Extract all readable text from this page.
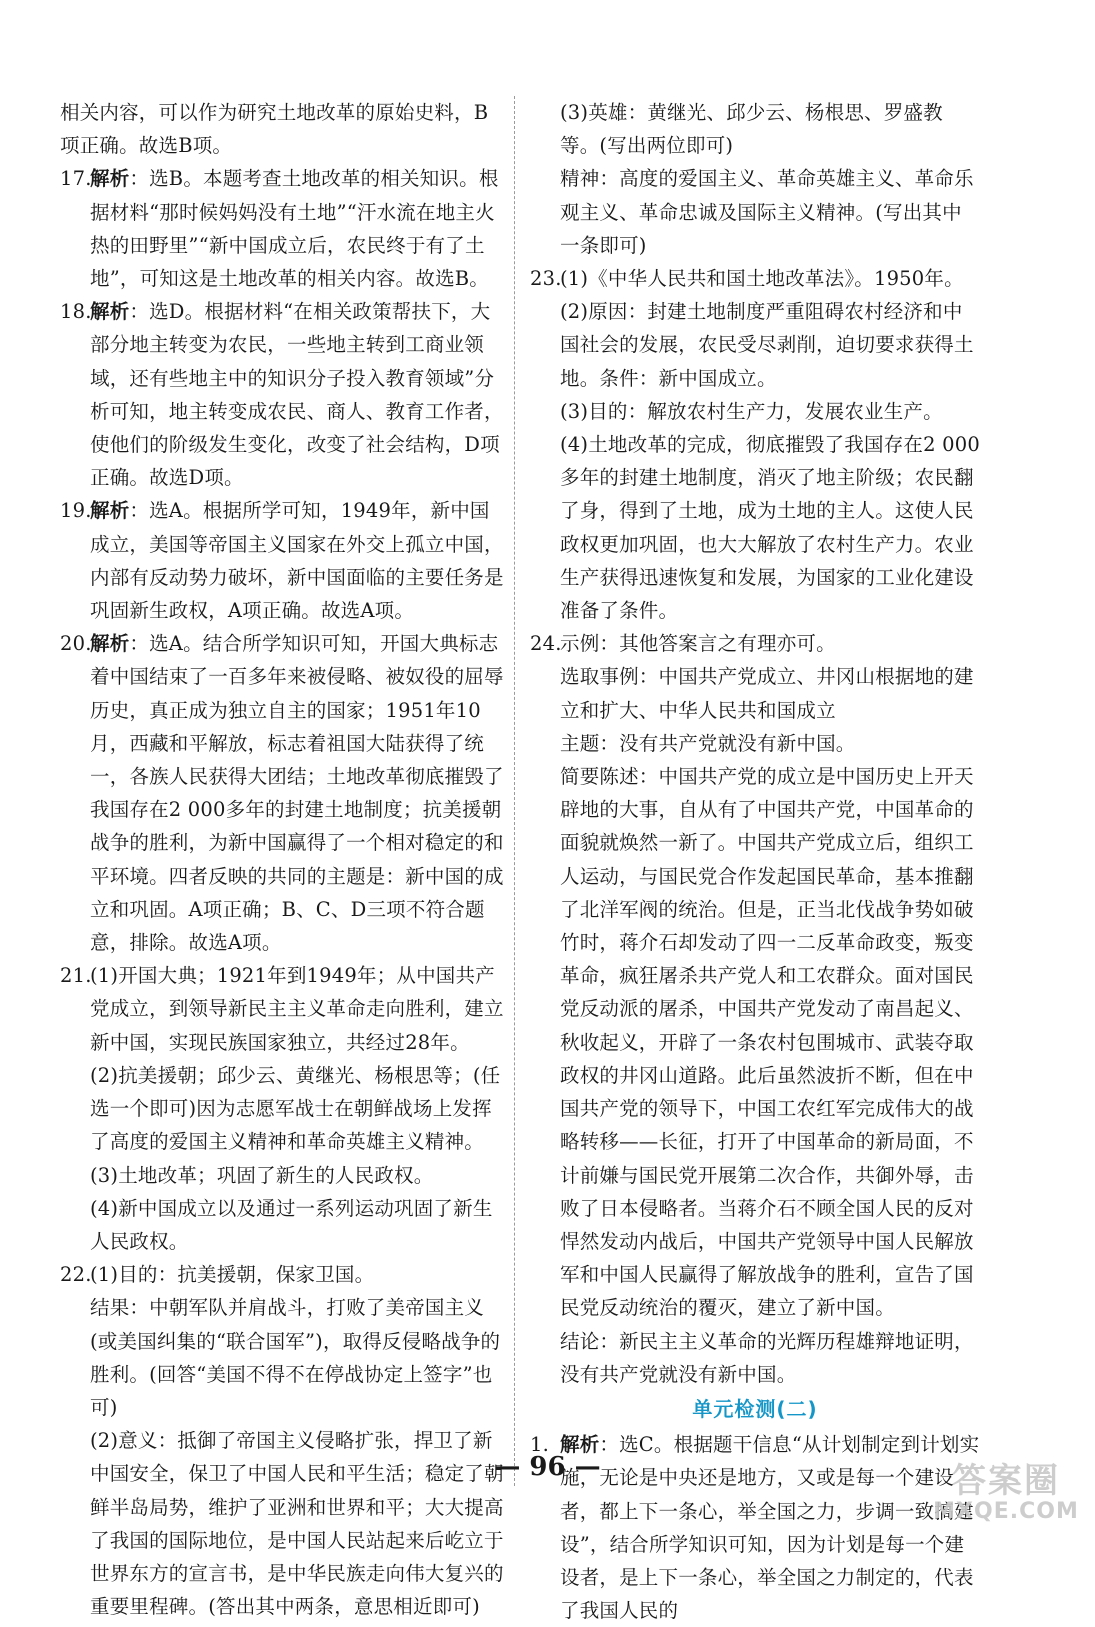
相关内容，可以作为研究土地改革的原始史料，B项正确。故选B项。
17.
解析：选B。本题考查土地改革的相关知识。根据材料“那时候妈妈没有土地”“汗水流在地主火热的田野里”“新中国成立后，农民终于有了土地”，可知这是土地改革的相关内容。故选B。
18.
解析：选D。根据材料“在相关政策帮扶下，大部分地主转变为农民，一些地主转到工商业领域，还有些地主中的知识分子投入教育领域”分析可知，地主转变成农民、商人、教育工作者，使他们的阶级发生变化，改变了社会结构，D项正确。故选D项。
19.
解析：选A。根据所学可知，1949年，新中国成立，美国等帝国主义国家在外交上孤立中国，内部有反动势力破坏，新中国面临的主要任务是巩固新生政权，A项正确。故选A项。
20.
解析：选A。结合所学知识可知，开国大典标志着中国结束了一百多年来被侵略、被奴役的屈辱历史，真正成为独立自主的国家；1951年10月，西藏和平解放，标志着祖国大陆获得了统一，各族人民获得大团结；土地改革彻底摧毁了我国存在2 000多年的封建土地制度；抗美援朝战争的胜利，为新中国赢得了一个相对稳定的和平环境。四者反映的共同的主题是：新中国的成立和巩固。A项正确；B、C、D三项不符合题意，排除。故选A项。
21.
(1)开国大典；1921年到1949年；从中国共产党成立，到领导新民主主义革命走向胜利，建立新中国，实现民族国家独立，共经过28年。
(2)抗美援朝；邱少云、黄继光、杨根思等；(任选一个即可)因为志愿军战士在朝鲜战场上发挥了高度的爱国主义精神和革命英雄主义精神。
(3)土地改革；巩固了新生的人民政权。
(4)新中国成立以及通过一系列运动巩固了新生人民政权。
22.
(1)目的：抗美援朝，保家卫国。
结果：中朝军队并肩战斗，打败了美帝国主义(或美国纠集的“联合国军”)，取得反侵略战争的胜利。(回答“美国不得不在停战协定上签字”也可)
(2)意义：抵御了帝国主义侵略扩张，捍卫了新中国安全，保卫了中国人民和平生活；稳定了朝鲜半岛局势，维护了亚洲和世界和平；大大提高了我国的国际地位，是中国人民站起来后屹立于世界东方的宣言书，是中华民族走向伟大复兴的重要里程碑。(答出其中两条，意思相近即可)
(3)英雄：黄继光、邱少云、杨根思、罗盛教等。(写出两位即可)
精神：高度的爱国主义、革命英雄主义、革命乐观主义、革命忠诚及国际主义精神。(写出其中一条即可)
23.
(1)《中华人民共和国土地改革法》。1950年。
(2)原因：封建土地制度严重阻碍农村经济和中国社会的发展，农民受尽剥削，迫切要求获得土地。条件：新中国成立。
(3)目的：解放农村生产力，发展农业生产。
(4)土地改革的完成，彻底摧毁了我国存在2 000多年的封建土地制度，消灭了地主阶级；农民翻了身，得到了土地，成为土地的主人。这使人民政权更加巩固，也大大解放了农村生产力。农业生产获得迅速恢复和发展，为国家的工业化建设准备了条件。
24.
示例：其他答案言之有理亦可。
选取事例：中国共产党成立、井冈山根据地的建立和扩大、中华人民共和国成立
主题：没有共产党就没有新中国。
简要陈述：中国共产党的成立是中国历史上开天辟地的大事，自从有了中国共产党，中国革命的面貌就焕然一新了。中国共产党成立后，组织工人运动，与国民党合作发起国民革命，基本推翻了北洋军阀的统治。但是，正当北伐战争势如破竹时，蒋介石却发动了四一二反革命政变，叛变革命，疯狂屠杀共产党人和工农群众。面对国民党反动派的屠杀，中国共产党发动了南昌起义、秋收起义，开辟了一条农村包围城市、武装夺取政权的井冈山道路。此后虽然波折不断，但在中国共产党的领导下，中国工农红军完成伟大的战略转移——长征，打开了中国革命的新局面，不计前嫌与国民党开展第二次合作，共御外辱，击败了日本侵略者。当蒋介石不顾全国人民的反对悍然发动内战后，中国共产党领导中国人民解放军和中国人民赢得了解放战争的胜利，宣告了国民党反动统治的覆灭，建立了新中国。
结论：新民主主义革命的光辉历程雄辩地证明，没有共产党就没有新中国。
单元检测(二)
1. 解析：选C。根据题干信息“从计划制定到计划实施，无论是中央还是地方，又或是每一个建设者，都上下一条心，举全国之力，步调一致搞建设”，结合所学知识可知，因为计划是每一个建设者，是上下一条心，举全国之力制定的，代表了我国人民的
— 96 —	答案圈
MXQE.COM
